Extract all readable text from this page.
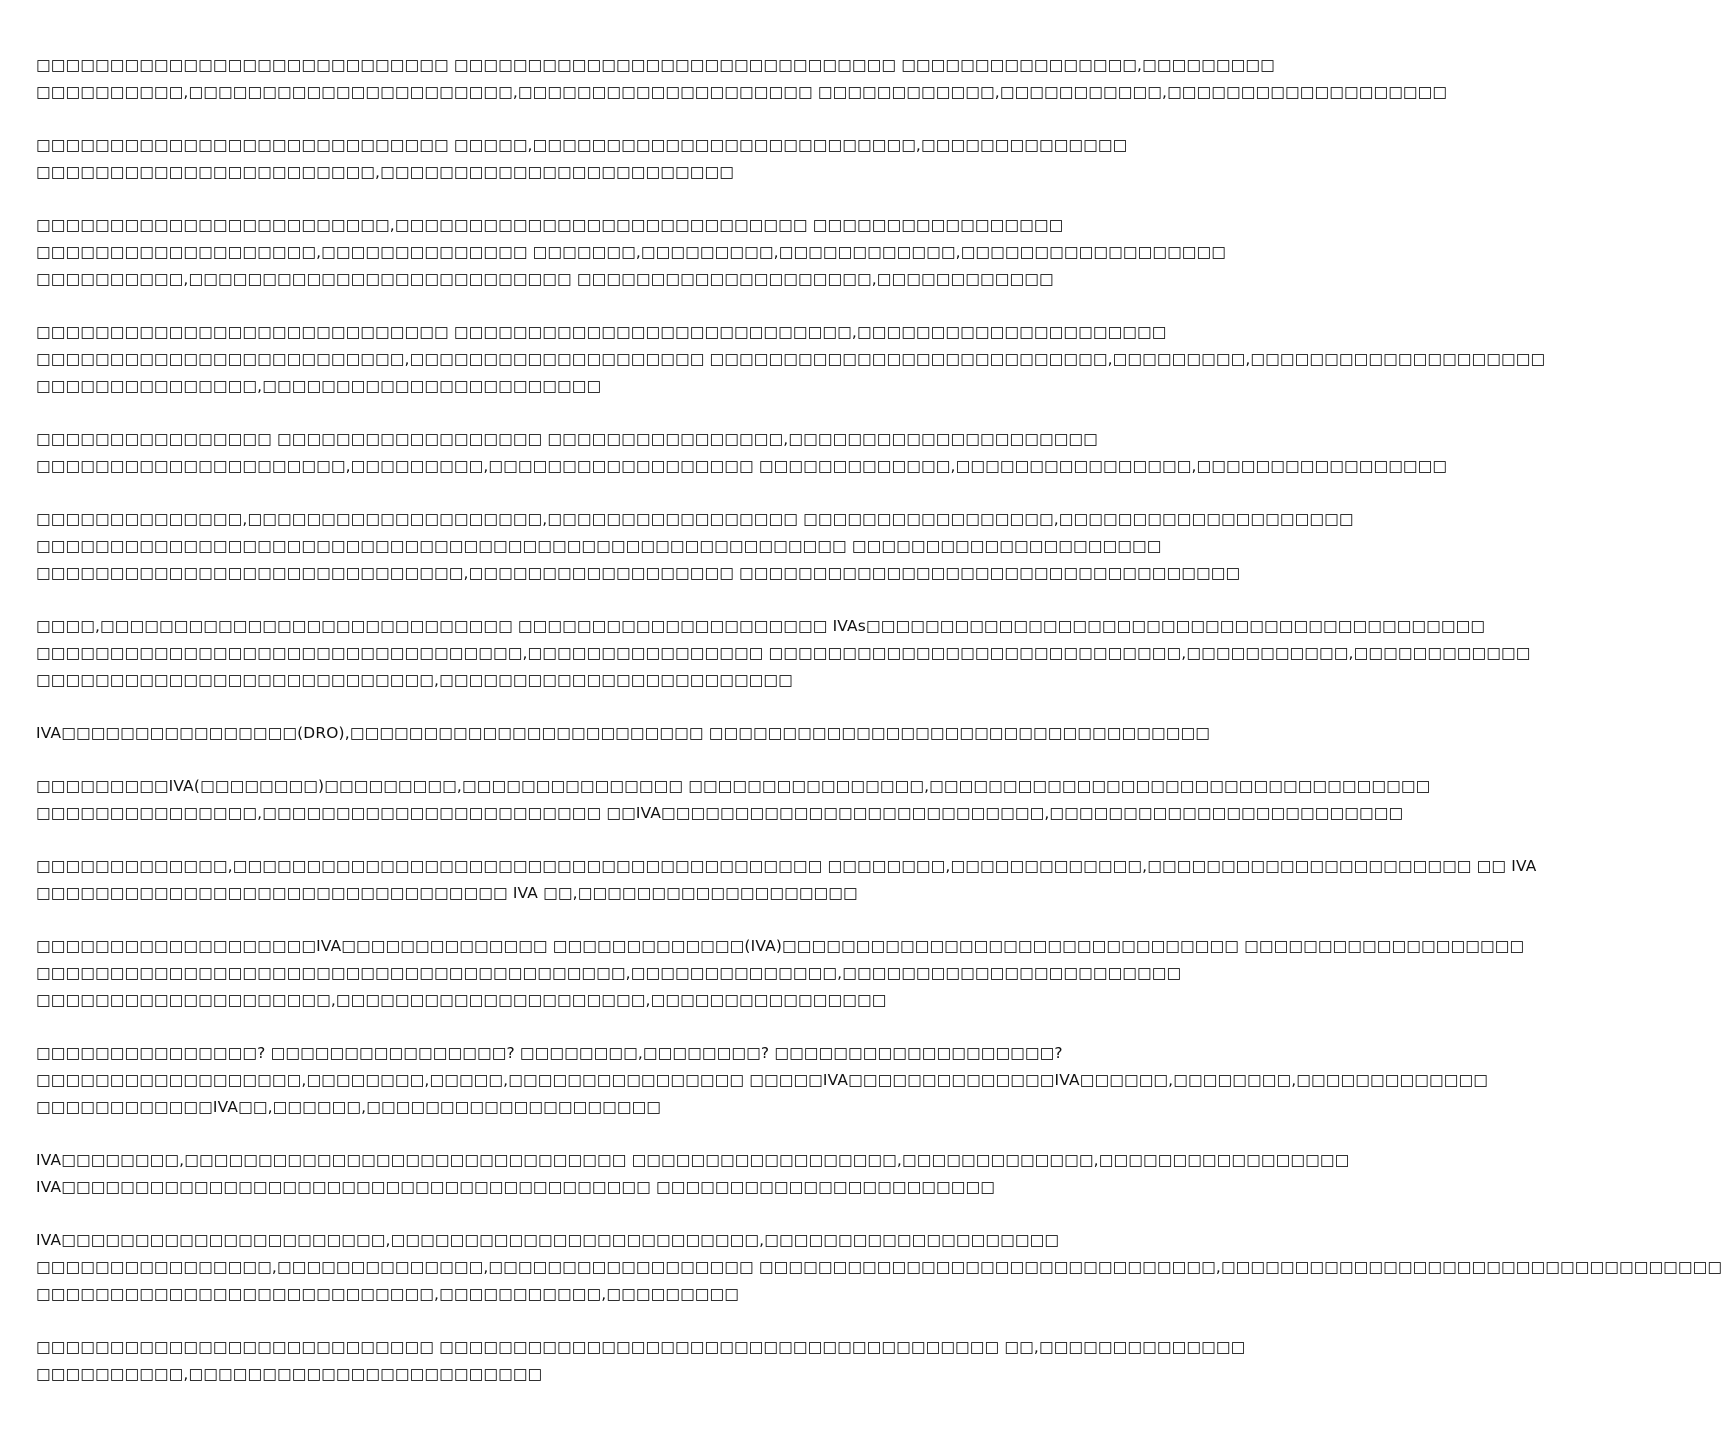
□□□□□□□□□□□□□□□□□□□□□□□□□□□□ □□□□□□□□□□□□□□□□□□□□□□□□□□□□□□ □□□□□□□□□□□□□□□□,□□□□□□□□□
□□□□□□□□□□,□□□□□□□□□□□□□□□□□□□□□□,□□□□□□□□□□□□□□□□□□□□ □□□□□□□□□□□□,□□□□□□□□□□□,□□□□□□□□□□□□□□□□□□□
□□□□□□□□□□□□□□□□□□□□□□□□□□□□ □□□□□,□□□□□□□□□□□□□□□□□□□□□□□□□□,□□□□□□□□□□□□□□
□□□□□□□□□□□□□□□□□□□□□□□,□□□□□□□□□□□□□□□□□□□□□□□□
□□□□□□□□□□□□□□□□□□□□□□□□,□□□□□□□□□□□□□□□□□□□□□□□□□□□□ □□□□□□□□□□□□□□□□□
□□□□□□□□□□□□□□□□□□□,□□□□□□□□□□□□□□ □□□□□□□,□□□□□□□□□,□□□□□□□□□□□□,□□□□□□□□□□□□□□□□□□
□□□□□□□□□□,□□□□□□□□□□□□□□□□□□□□□□□□□□ □□□□□□□□□□□□□□□□□□□□,□□□□□□□□□□□□
□□□□□□□□□□□□□□□□□□□□□□□□□□□□ □□□□□□□□□□□□□□□□□□□□□□□□□□□,□□□□□□□□□□□□□□□□□□□□□
□□□□□□□□□□□□□□□□□□□□□□□□□,□□□□□□□□□□□□□□□□□□□□ □□□□□□□□□□□□□□□□□□□□□□□□□□□,□□□□□□□□□,□□□□□□□□□□□□□□□□□□□□
□□□□□□□□□□□□□□□,□□□□□□□□□□□□□□□□□□□□□□□
□□□□□□□□□□□□□□□□ □□□□□□□□□□□□□□□□□□ □□□□□□□□□□□□□□□□,□□□□□□□□□□□□□□□□□□□□□
□□□□□□□□□□□□□□□□□□□□□,□□□□□□□□□,□□□□□□□□□□□□□□□□□□ □□□□□□□□□□□□□,□□□□□□□□□□□□□□□□,□□□□□□□□□□□□□□□□□
□□□□□□□□□□□□□□,□□□□□□□□□□□□□□□□□□□□,□□□□□□□□□□□□□□□□□ □□□□□□□□□□□□□□□□□,□□□□□□□□□□□□□□□□□□□□
□□□□□□□□□□□□□□□□□□□□□□□□□□□□□□□□□□□□□□□□□□□□□□□□□□□□□□□ □□□□□□□□□□□□□□□□□□□□□
□□□□□□□□□□□□□□□□□□□□□□□□□□□□□,□□□□□□□□□□□□□□□□□□ □□□□□□□□□□□□□□□□□□□□□□□□□□□□□□□□□□
□□□□,□□□□□□□□□□□□□□□□□□□□□□□□□□□□ □□□□□□□□□□□□□□□□□□□□□ IVAs□□□□□□□□□□□□□□□□□□□□□□□□□□□□□□□□□□□□□□□□□□
□□□□□□□□□□□□□□□□□□□□□□□□□□□□□□□□□,□□□□□□□□□□□□□□□□ □□□□□□□□□□□□□□□□□□□□□□□□□□□□,□□□□□□□□□□□,□□□□□□□□□□□□
□□□□□□□□□□□□□□□□□□□□□□□□□□□,□□□□□□□□□□□□□□□□□□□□□□□□
IVA□□□□□□□□□□□□□□□□(DRO),□□□□□□□□□□□□□□□□□□□□□□□□ □□□□□□□□□□□□□□□□□□□□□□□□□□□□□□□□□□
□□□□□□□□□IVA(□□□□□□□□)□□□□□□□□□,□□□□□□□□□□□□□□□ □□□□□□□□□□□□□□□□,□□□□□□□□□□□□□□□□□□□□□□□□□□□□□□□□□□
□□□□□□□□□□□□□□□,□□□□□□□□□□□□□□□□□□□□□□□ □□IVA□□□□□□□□□□□□□□□□□□□□□□□□□□,□□□□□□□□□□□□□□□□□□□□□□□□
□□□□□□□□□□□□□,□□□□□□□□□□□□□□□□□□□□□□□□□□□□□□□□□□□□□□□□ □□□□□□□□,□□□□□□□□□□□□□,□□□□□□□□□□□□□□□□□□□□□□ □□ IVA
□□□□□□□□□□□□□□□□□□□□□□□□□□□□□□□□ IVA □□,□□□□□□□□□□□□□□□□□□□
□□□□□□□□□□□□□□□□□□□IVA□□□□□□□□□□□□□□ □□□□□□□□□□□□□(IVA)□□□□□□□□□□□□□□□□□□□□□□□□□□□□□□□ □□□□□□□□□□□□□□□□□□□
□□□□□□□□□□□□□□□□□□□□□□□□□□□□□□□□□□□□□□□□,□□□□□□□□□□□□□□,□□□□□□□□□□□□□□□□□□□□□□□
□□□□□□□□□□□□□□□□□□□□,□□□□□□□□□□□□□□□□□□□□□,□□□□□□□□□□□□□□□□
□□□□□□□□□□□□□□□? □□□□□□□□□□□□□□□□? □□□□□□□□,□□□□□□□□? □□□□□□□□□□□□□□□□□□□?
□□□□□□□□□□□□□□□□□□,□□□□□□□□,□□□□□,□□□□□□□□□□□□□□□□ □□□□□IVA□□□□□□□□□□□□□□IVA□□□□□□,□□□□□□□□,□□□□□□□□□□□□□
□□□□□□□□□□□□IVA□□,□□□□□□,□□□□□□□□□□□□□□□□□□□□
IVA□□□□□□□□,□□□□□□□□□□□□□□□□□□□□□□□□□□□□□□ □□□□□□□□□□□□□□□□□□,□□□□□□□□□□□□□,□□□□□□□□□□□□□□□□□
IVA□□□□□□□□□□□□□□□□□□□□□□□□□□□□□□□□□□□□□□□□ □□□□□□□□□□□□□□□□□□□□□□□
IVA□□□□□□□□□□□□□□□□□□□□□□,□□□□□□□□□□□□□□□□□□□□□□□□□,□□□□□□□□□□□□□□□□□□□□
□□□□□□□□□□□□□□□□,□□□□□□□□□□□□□□,□□□□□□□□□□□□□□□□□□ □□□□□□□□□□□□□□□□□□□□□□□□□□□□□□□,□□□□□□□□□□□□□□□□□□□□□□□□□□□□□□□□□□
□□□□□□□□□□□□□□□□□□□□□□□□□□□,□□□□□□□□□□□,□□□□□□□□□
□□□□□□□□□□□□□□□□□□□□□□□□□□□ □□□□□□□□□□□□□□□□□□□□□□□□□□□□□□□□□□□□□□ □□,□□□□□□□□□□□□□□
□□□□□□□□□□,□□□□□□□□□□□□□□□□□□□□□□□□
